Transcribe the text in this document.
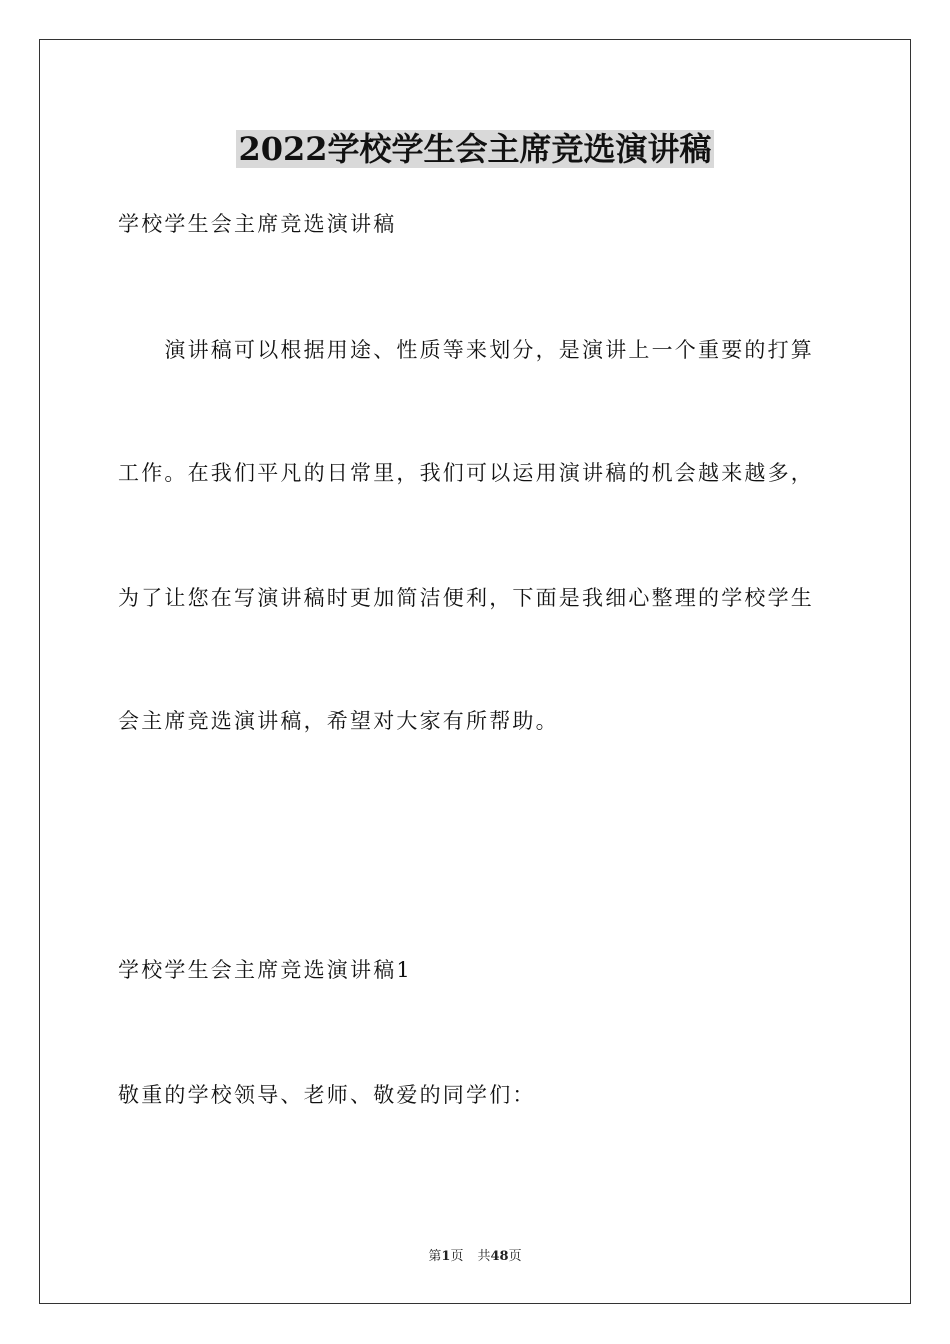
2022学校学生会主席竞选演讲稿
学校学生会主席竞选演讲稿
　　演讲稿可以根据用途、性质等来划分，是演讲上一个重要的打算
工作。在我们平凡的日常里，我们可以运用演讲稿的机会越来越多，
为了让您在写演讲稿时更加简洁便利，下面是我细心整理的学校学生
会主席竞选演讲稿，希望对大家有所帮助。
学校学生会主席竞选演讲稿1
敬重的学校领导、老师、敬爱的同学们：
第1页 共48页
